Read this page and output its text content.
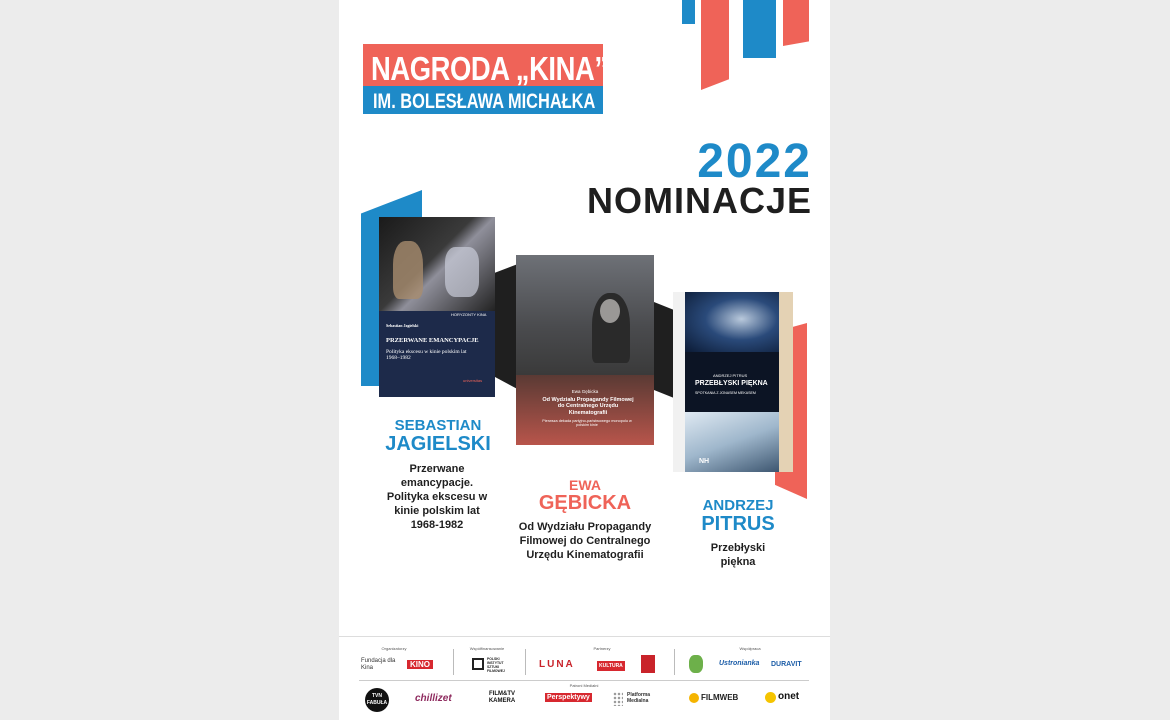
NAGRODA „KINA”
IM. BOLESŁAWA MICHAŁKA
2022
NOMINACJE
HORYZONTY KINA
Sebastian Jagielski
PRZERWANE EMANCYPACJE
Polityka ekscesu w kinie polskim lat 1968–1982
universitas
Ewa Gębicka
Od Wydziału Propagandy Filmowej do Centralnego Urzędu Kinematografii
Pierwsza dekada partyjno-państwowego monopolu w polskim kinie
ANDRZEJ PITRUS
PRZEBŁYSKI PIĘKNA
SPOTKANIA Z JONASEM MEKASEM
NH
SEBASTIAN
JAGIELSKI
Przerwane emancypacje. Polityka ekscesu w kinie polskim lat 1968-1982
EWA
GĘBICKA
Od Wydziału Propagandy Filmowej do Centralnego Urzędu Kinematografii
ANDRZEJ
PITRUS
Przebłyski piękna
Organizatorzy	Współfinansowanie	Partnerzy	Współpraca
Fundacja dla Kina	KINO
POLSKI INSTYTUT SZTUKI FILMOWEJ
LUNA	KULTURA	Ustronianka DURAVIT
Patroni Medialni
TVN FABUŁA	chillizet	FILM&TV KAMERA	Perspektywy	Platforma Medialna	FILMWEB	onet
